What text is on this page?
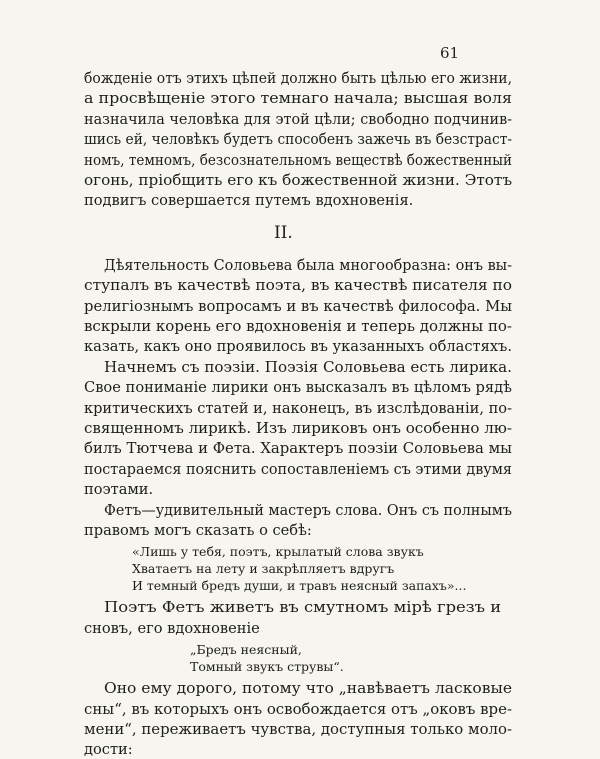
61
божденіе отъ этихъ цѣпей должно быть цѣлью его жизни,
а просвѣщеніе этого темнаго начала; высшая воля
назначила человѣка для этой цѣли; свободно подчинив-
шись ей, человѣкъ будетъ способенъ зажечь въ безстраст-
номъ, темномъ, безсознательномъ веществѣ божественный
огонь, пріобщить его къ божественной жизни. Этотъ
подвигъ совершается путемъ вдохновенія.
II.
Дѣятельность Соловьева была многообразна: онъ вы-
ступалъ въ качествѣ поэта, въ качествѣ писателя по
религіознымъ вопросамъ и въ качествѣ философа. Мы
вскрыли корень его вдохновенія и теперь должны по-
казать, какъ оно проявилось въ указанныхъ областяхъ.
Начнемъ съ поэзіи. Поэзія Соловьева есть лирика.
Свое пониманіе лирики онъ высказалъ въ цѣломъ рядѣ
критическихъ статей и, наконецъ, въ изслѣдованіи, по-
священномъ лирикѣ. Изъ лириковъ онъ особенно лю-
билъ Тютчева и Фета. Характеръ поэзіи Соловьева мы
постараемся пояснить сопоставленіемъ съ этими двумя
поэтами.
Фетъ—удивительный мастеръ слова. Онъ съ полнымъ
правомъ могъ сказать о себѣ:
«Лишь у тебя, поэтъ, крылатый слова звукъ
Хватаетъ на лету и закрѣпляетъ вдругъ
И темный бредъ души, и травъ неясный запахъ»...
Поэтъ Фетъ живетъ въ смутномъ мірѣ грезъ и
сновъ, его вдохновеніе
„Бредъ неясный,
Томный звукъ струвы“.
Оно ему дорого, потому что „навѣваетъ ласковые
сны“, въ которыхъ онъ освобождается отъ „оковъ вре-
мени“, переживаетъ чувства, доступныя только моло-
дости:
